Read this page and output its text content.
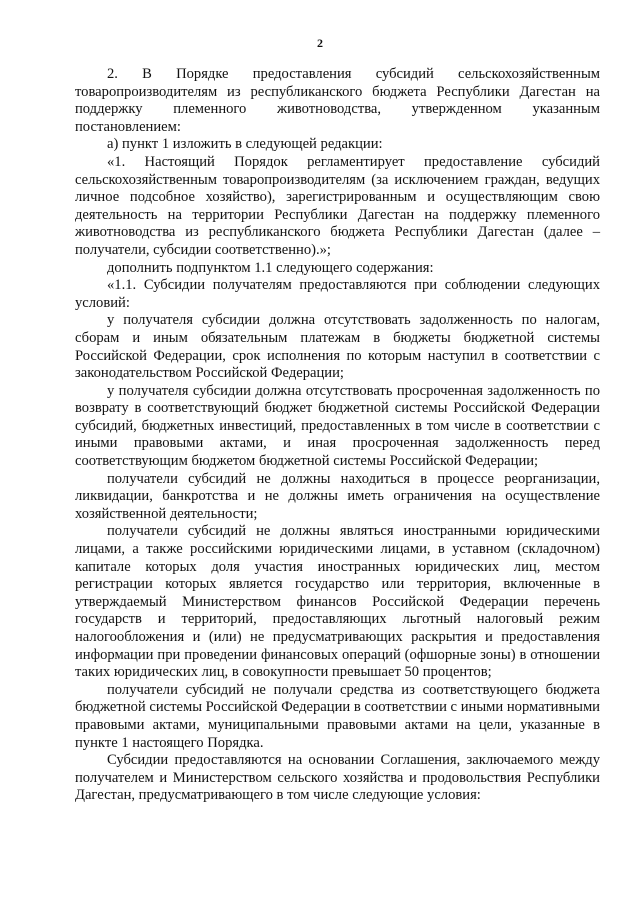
2

2. В Порядке предоставления субсидий сельскохозяйственным товаропроизводителям из республиканского бюджета Республики Дагестан на поддержку племенного животноводства, утвержденном указанным постановлением:

а) пункт 1 изложить в следующей редакции:

«1. Настоящий Порядок регламентирует предоставление субсидий сельскохозяйственным товаропроизводителям (за исключением граждан, ведущих личное подсобное хозяйство), зарегистрированным и осуществляющим свою деятельность на территории Республики Дагестан на поддержку племенного животноводства из республиканского бюджета Республики Дагестан (далее – получатели, субсидии соответственно).»;

дополнить подпунктом 1.1 следующего содержания:

«1.1. Субсидии получателям предоставляются при соблюдении следующих условий:

у получателя субсидии должна отсутствовать задолженность по налогам, сборам и иным обязательным платежам в бюджеты бюджетной системы Российской Федерации, срок исполнения по которым наступил в соответствии с законодательством Российской Федерации;

у получателя субсидии должна отсутствовать просроченная задолженность по возврату в соответствующий бюджет бюджетной системы Российской Федерации субсидий, бюджетных инвестиций, предоставленных в том числе в соответствии с иными правовыми актами, и иная просроченная задолженность перед соответствующим бюджетом бюджетной системы Российской Федерации;

получатели субсидий не должны находиться в процессе реорганизации, ликвидации, банкротства и не должны иметь ограничения на осуществление хозяйственной деятельности;

получатели субсидий не должны являться иностранными юридическими лицами, а также российскими юридическими лицами, в уставном (складочном) капитале которых доля участия иностранных юридических лиц, местом регистрации которых является государство или территория, включенные в утверждаемый Министерством финансов Российской Федерации перечень государств и территорий, предоставляющих льготный налоговый режим налогообложения и (или) не предусматривающих раскрытия и предоставления информации при проведении финансовых операций (офшорные зоны) в отношении таких юридических лиц, в совокупности превышает 50 процентов;

получатели субсидий не получали средства из соответствующего бюджета бюджетной системы Российской Федерации в соответствии с иными нормативными правовыми актами, муниципальными правовыми актами на цели, указанные в пункте 1 настоящего Порядка.

Субсидии предоставляются на основании Соглашения, заключаемого между получателем и Министерством сельского хозяйства и продовольствия Республики Дагестан, предусматривающего в том числе следующие условия:
